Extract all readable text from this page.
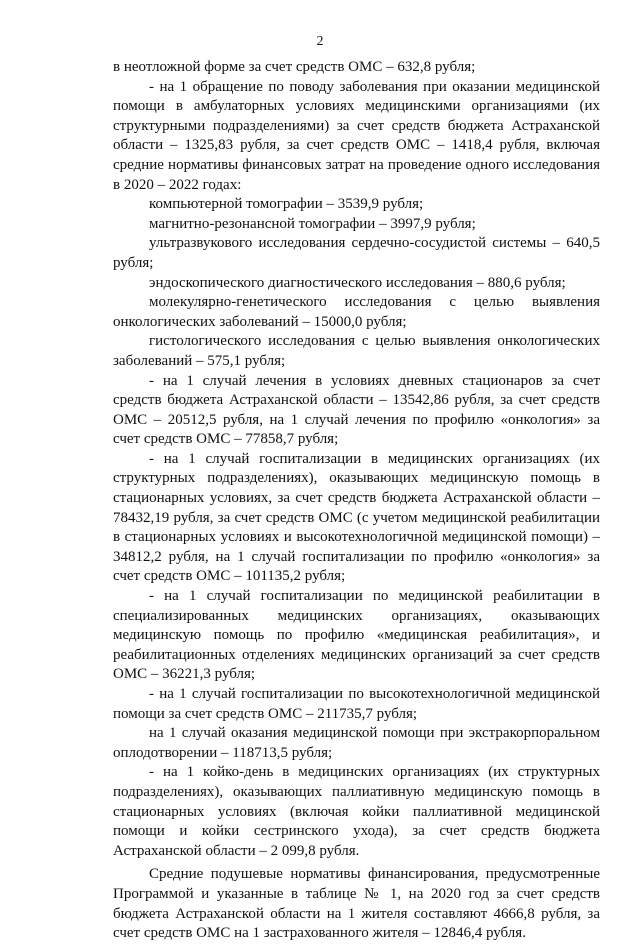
2

в неотложной форме за счет средств ОМС – 632,8 рубля;

- на 1 обращение по поводу заболевания при оказании медицинской помощи в амбулаторных условиях медицинскими организациями (их структурными подразделениями) за счет средств бюджета Астраханской области – 1325,83 рубля, за счет средств ОМС – 1418,4 рубля, включая средние нормативы финансовых затрат на проведение одного исследования в 2020 – 2022 годах:

компьютерной томографии – 3539,9 рубля;

магнитно-резонансной томографии – 3997,9 рубля;

ультразвукового исследования сердечно-сосудистой системы – 640,5 рубля;

эндоскопического диагностического исследования – 880,6 рубля;

молекулярно-генетического исследования с целью выявления онкологических заболеваний – 15000,0 рубля;

гистологического исследования с целью выявления онкологических заболеваний – 575,1 рубля;

- на 1 случай лечения в условиях дневных стационаров за счет средств бюджета Астраханской области – 13542,86 рубля, за счет средств ОМС – 20512,5 рубля, на 1 случай лечения по профилю «онкология» за счет средств ОМС – 77858,7 рубля;

- на 1 случай госпитализации в медицинских организациях (их структурных подразделениях), оказывающих медицинскую помощь в стационарных условиях, за счет средств бюджета Астраханской области – 78432,19 рубля, за счет средств ОМС (с учетом медицинской реабилитации в стационарных условиях и высокотехнологичной медицинской помощи) – 34812,2 рубля, на 1 случай госпитализации по профилю «онкология» за счет средств ОМС – 101135,2 рубля;

- на 1 случай госпитализации по медицинской реабилитации в специализированных медицинских организациях, оказывающих медицинскую помощь по профилю «медицинская реабилитация», и реабилитационных отделениях медицинских организаций за счет средств ОМС – 36221,3 рубля;

- на 1 случай госпитализации по высокотехнологичной медицинской помощи за счет средств ОМС – 211735,7 рубля;

на 1 случай оказания медицинской помощи при экстракорпоральном оплодотворении – 118713,5 рубля;

- на 1 койко-день в медицинских организациях (их структурных подразделениях), оказывающих паллиативную медицинскую помощь в стационарных условиях (включая койки паллиативной медицинской помощи и койки сестринского ухода), за счет средств бюджета Астраханской области – 2 099,8 рубля.

Средние подушевые нормативы финансирования, предусмотренные Программой и указанные в таблице № 1, на 2020 год за счет средств бюджета Астраханской области на 1 жителя составляют 4666,8 рубля, за счет средств ОМС на 1 застрахованного жителя – 12846,4 рубля.
